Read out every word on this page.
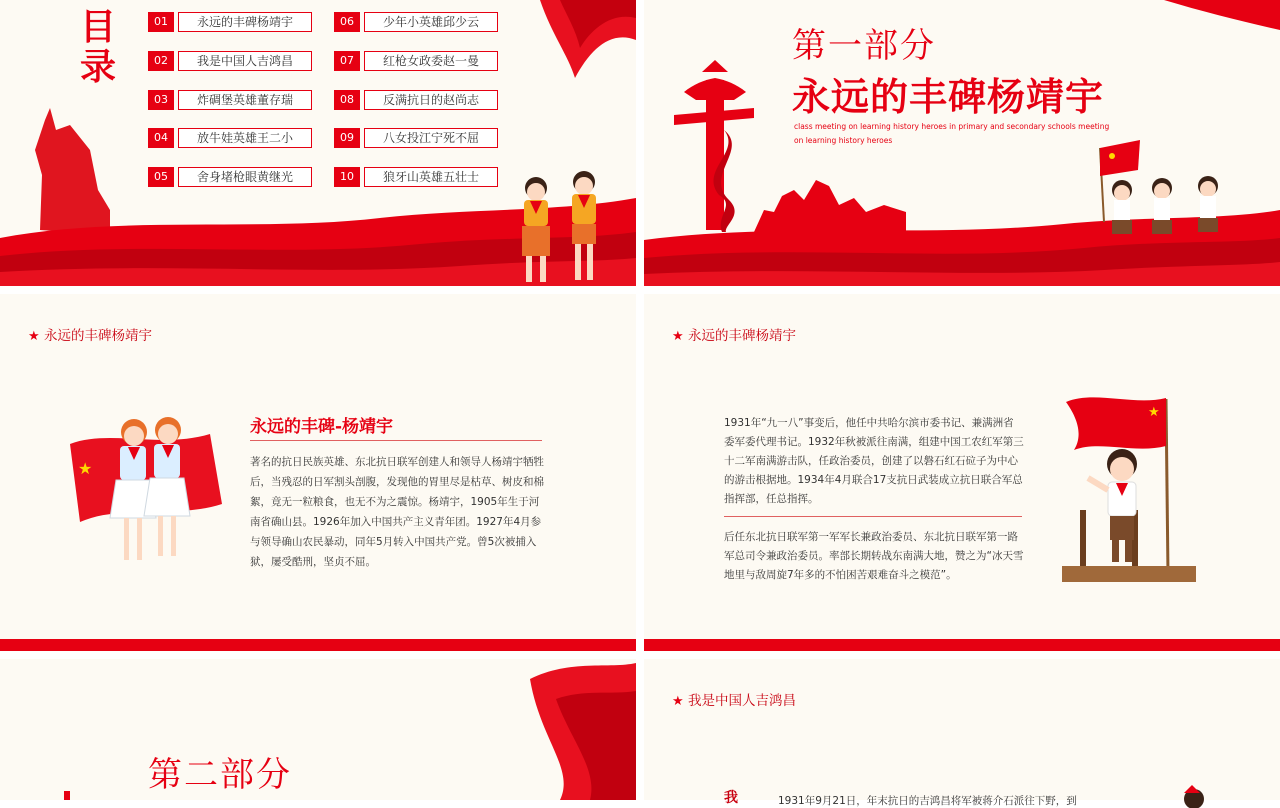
目录
01	永远的丰碑杨靖宇
02	我是中国人吉鸿昌
03	炸碉堡英雄董存瑞
04	放牛娃英雄王二小
05	舍身堵枪眼黄继光
06	少年小英雄邱少云
07	红枪女政委赵一曼
08	反满抗日的赵尚志
09	八女投江宁死不屈
10	狼牙山英雄五壮士
第一部分
永远的丰碑杨靖宇
class meeting on learning history heroes in primary and secondary schools meeting on learning history heroes
★ 永远的丰碑杨靖宇
★
永远的丰碑-杨靖宇
著名的抗日民族英雄、东北抗日联军创建人和领导人杨靖宇牺牲后，当残忍的日军割头剖腹，发现他的胃里尽是枯草、树皮和棉絮，竟无一粒粮食，也无不为之震惊。杨靖宇，1905年生于河南省确山县。1926年加入中国共产主义青年团。1927年4月参与领导确山农民暴动，同年5月转入中国共产党。曾5次被捕入狱，屡受酷刑，坚贞不屈。
★ 永远的丰碑杨靖宇
1931年“九一八”事变后，他任中共哈尔滨市委书记、兼满洲省委军委代理书记。1932年秋被派往南满，组建中国工农红军第三十二军南满游击队，任政治委员，创建了以磐石红石砬子为中心的游击根据地。1934年4月联合17支抗日武装成立抗日联合军总指挥部，任总指挥。
后任东北抗日联军第一军军长兼政治委员、东北抗日联军第一路军总司令兼政治委员。率部长期转战东南满大地，赞之为“冰天雪地里与敌周旋7年多的不怕困苦艰难奋斗之模范”。
★
第二部分
★ 我是中国人吉鸿昌
我	1931年9月21日，年末抗日的吉鸿昌将军被蒋介石派往下野，到
